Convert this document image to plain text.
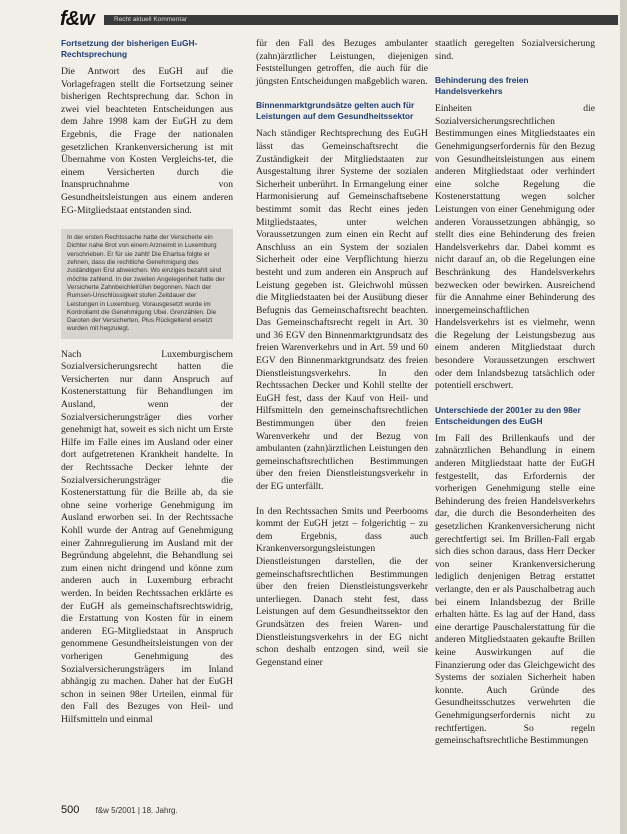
f&w	Recht aktuell Kommentar
Fortsetzung der bisherigen EuGH-Rechtsprechung

Die Antwort des EuGH auf die Vorlagefragen stellt die Fortsetzung seiner bisherigen Rechtsprechung dar. Schon in zwei viel beachteten Entscheidungen aus dem Jahre 1998 kam der EuGH zu dem Ergebnis, die Frage der nationalen gesetzlichen Krankenversicherung ist mit Übernahme von Kosten Vergleichs-tet, die einem Versicherten durch die Inanspruchnahme von Gesundheitsleistungen aus einem anderen EG-Mitgliedstaat entstanden sind.

In der ersten Rechtssache hatte der Versicherte ein Dichter nahe Brot von einem Arzneimit in Luxemburg verschrieben. Er für sie zahlt! Die Ehartsa folgte er zehnen, dass die rechtliche Genehmigung des zuständigen Erst abweichen. Wo einziges bezahlt sind möchte zahlend. In der zweiten Angelegenheit hatte der Versicherte Zahnbeichlelrüfen begonnen. Nach der Rumsen-Unschlüssigkeit stufen Zeitdauer der Leistungen in Luxemburg. Vorausgesetzt wurde im Kontrollamt die Genehmigung Ubei. Grenzählen. Die Daroten der Versicherten, Plus Rückgeltend ersetzt wurden mit hegzulegt.

Nach Luxemburgischem Sozialversicherungsrecht hatten die Versicherten nur dann Anspruch auf Kostenerstattung für Behandlungen im Ausland, wenn der Sozialversicherungsträger dies vorher genehmigt hat, soweit es sich nicht um Erste Hilfe im Falle eines im Ausland oder einer dort aufgetretenen Krankheit handelte. In der Rechtssache Decker lehnte der Sozialversicherungsträger die Kostenerstattung für die Brille ab, da sie ohne seine vorherige Genehmigung im Ausland erworben sei. In der Rechtssache Kohll wurde der Antrag auf Genehmigung einer Zahnregulierung im Ausland mit der Begründung abgelehnt, die Behandlung sei zum einen nicht dringend und könne zum anderen auch in Luxemburg erbracht werden. In beiden Rechtssachen erklärte es der EuGH als gemeinschaftsrechtswidrig, die Erstattung von Kosten für in einem anderen EG-Mitgliedstaat in Anspruch genommene Gesundheitsleistungen von der vorherigen Genehmigung des Sozialversicherungsträgers im Inland abhängig zu machen. Daher hat der EuGH schon in seinen 98er Urteilen, einmal für den Fall des Bezuges von Heil- und Hilfsmitteln und einmal

für den Fall des Bezuges ambulanter (zahn)ärztlicher Leistungen, diejenigen Feststellungen getroffen, die auch für die jüngsten Entscheidungen maßgeblich waren.

Binnenmarktgrundsätze gelten auch für Leistungen auf dem Gesundheitssektor

Nach ständiger Rechtsprechung des EuGH lässt das Gemeinschaftsrecht die Zuständigkeit der Mitgliedstaaten zur Ausgestaltung ihrer Systeme der sozialen Sicherheit unberührt. In Ermangelung einer Harmonisierung auf Gemeinschaftsebene bestimmt somit das Recht eines jeden Mitgliedstaates, unter welchen Voraussetzungen zum einen ein Recht auf Anschluss an ein System der sozialen Sicherheit oder eine Verpflichtung hierzu besteht und zum anderen ein Anspruch auf Leistung gegeben ist. Gleichwohl müssen die Mitgliedstaaten bei der Ausübung dieser Befugnis das Gemeinschaftsrecht beachten. Das Gemeinschaftsrecht regelt in Art. 30 und 36 EGV den Binnenmarktgrundsatz des freien Warenverkehrs und in Art. 59 und 60 EGV den Binnenmarktgrundsatz des freien Dienstleistungsverkehrs. In den Rechtssachen Decker und Kohll stellte der EuGH fest, dass der Kauf von Heil- und Hilfsmitteln den gemeinschaftsrechtlichen Bestimmungen über den freien Warenverkehr und der Bezug von ambulanten (zahn)ärztlichen Leistungen den gemeinschaftsrechtlichen Bestimmungen über den freien Dienstleistungsverkehr in der EG unterfällt.

In den Rechtssachen Smits und Peerbooms kommt der EuGH jetzt – folgerichtig – zu dem Ergebnis, dass auch Krankenversorgungsleistungen Dienstleistungen darstellen, die der gemeinschaftsrechtlichen Bestimmungen über den freien Dienstleistungsverkehr unterliegen. Danach steht fest, dass Leistungen auf dem Gesundheitssektor den Grundsätzen des freien Waren- und Dienstleistungsverkehrs in der EG nicht schon deshalb entzogen sind, weil sie Gegenstand einer

staatlich geregelten Sozialversicherung sind.

Behinderung des freien Handelsverkehrs

Einheiten die Sozialversicherungsrechtlichen Bestimmungen eines Mitgliedstaates ein Genehmigungserfordernis für den Bezug von Gesundheitsleistungen aus einem anderen Mitgliedstaat oder verhindert eine solche Regelung die Kostenerstattung wegen solcher Leistungen von einer Genehmigung oder anderen Voraussetzungen abhängig, so stellt dies eine Behinderung des freien Handelsverkehrs dar. Dabei kommt es nicht darauf an, ob die Regelungen eine Beschränkung des Handelsverkehrs bezwecken oder bewirken. Ausreichend für die Annahme einer Behinderung des innergemeinschaftlichen Handelsverkehrs ist es vielmehr, wenn die Regelung der Leistungsbezug aus einem anderen Mitgliedstaat durch besondere Voraussetzungen erschwert oder dem Inlandsbezug tatsächlich oder potentiell erschwert.

Unterschiede der 2001er zu den 98er Entscheidungen des EuGH

Im Fall des Brillenkaufs und der zahnärztlichen Behandlung in einem anderen Mitgliedstaat hatte der EuGH festgestellt, das Erfordernis der vorherigen Genehmigung stelle eine Behinderung des freien Handelsverkehrs dar, die durch die Besonderheiten des gesetzlichen Krankenversicherung nicht gerechtfertigt sei. Im Brillen-Fall ergab sich dies schon daraus, dass Herr Decker von seiner Krankenversicherung lediglich denjenigen Betrag erstattet verlangte, den er als Pauschalbetrag auch bei einem Inlandsbezug der Brille erhalten hätte. Es lag auf der Hand, dass eine derartige Pauschalerstattung für die anderen Mitgliedstaaten gekaufte Brillen keine Auswirkungen auf die Finanzierung oder das Gleichgewicht des Systems der sozialen Sicherheit haben konnte. Auch Gründe des Gesundheitsschutzes verwehrten die Genehmigungserfordernis nicht zu rechtfertigen. So regeln gemeinschaftsrechtliche Bestimmungen

500 f&w 5/2001 | 18. Jahrg.
